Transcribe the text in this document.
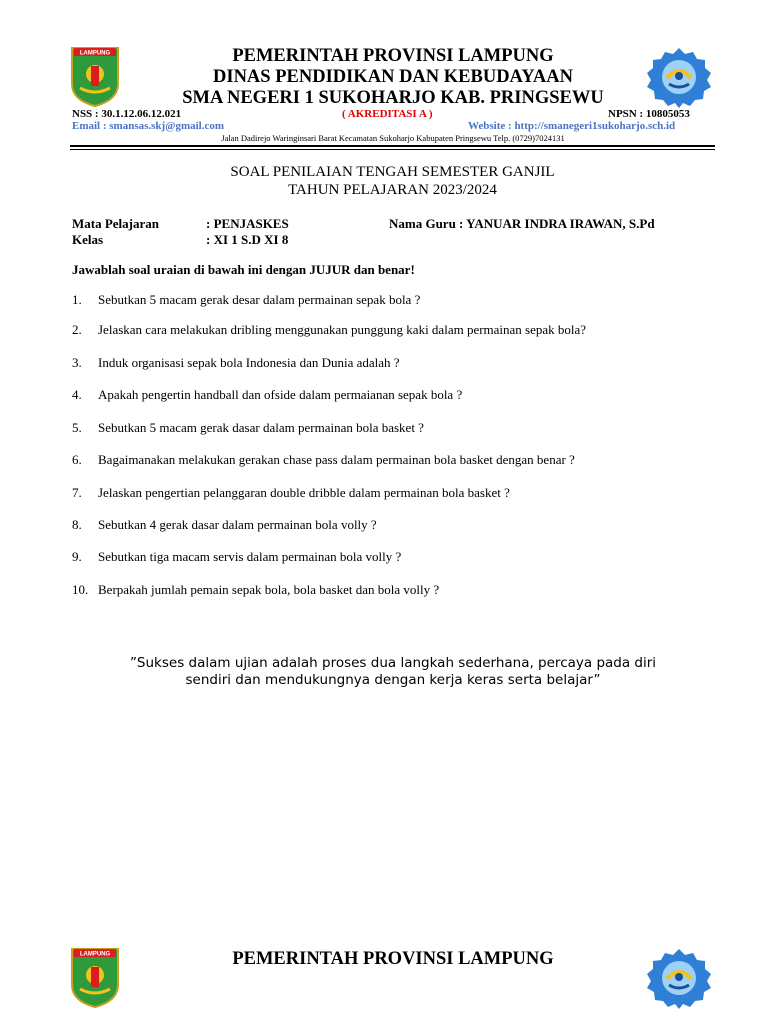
LAMPUNG	PEMERINTAH PROVINSI LAMPUNG
DINAS PENDIDIKAN DAN KEBUDAYAAN
SMA NEGERI 1 SUKOHARJO KAB. PRINGSEWU
NSS : 30.1.12.06.12.021	( AKREDITASI A )	NPSN : 10805053
Email : smansas.skj@gmail.com	Website : http://smanegeri1sukoharjo.sch.id
Jalan Dadirejo Waringinsari Barat Kecamatan Sukoharjo Kabupaten Pringsewu Telp. (0729)7024131
SOAL PENILAIAN TENGAH SEMESTER GANJIL
TAHUN PELAJARAN 2023/2024
Mata Pelajaran	: PENJASKES	Nama Guru : YANUAR INDRA IRAWAN, S.Pd
Kelas	: XI 1 S.D XI 8
Jawablah soal uraian di bawah ini dengan JUJUR dan benar!
1. Sebutkan 5 macam gerak desar dalam permainan sepak bola ?
2. Jelaskan cara melakukan dribling menggunakan punggung kaki dalam permainan sepak bola?
3. Induk organisasi sepak bola Indonesia dan Dunia adalah ?
4. Apakah pengertin handball dan ofside dalam permaianan sepak bola ?
5. Sebutkan 5 macam gerak dasar dalam permainan bola basket ?
6. Bagaimanakan melakukan gerakan chase pass dalam permainan bola basket dengan benar ?
7. Jelaskan pengertian pelanggaran double dribble dalam permainan bola basket ?
8. Sebutkan 4 gerak dasar dalam permainan bola volly ?
9. Sebutkan tiga macam servis dalam permainan bola volly ?
10. Berpakah jumlah pemain sepak bola, bola basket dan bola volly ?
”Sukses dalam ujian adalah proses dua langkah sederhana, percaya pada diri
sendiri dan mendukungnya dengan kerja keras serta belajar”
LAMPUNG	PEMERINTAH PROVINSI LAMPUNG
